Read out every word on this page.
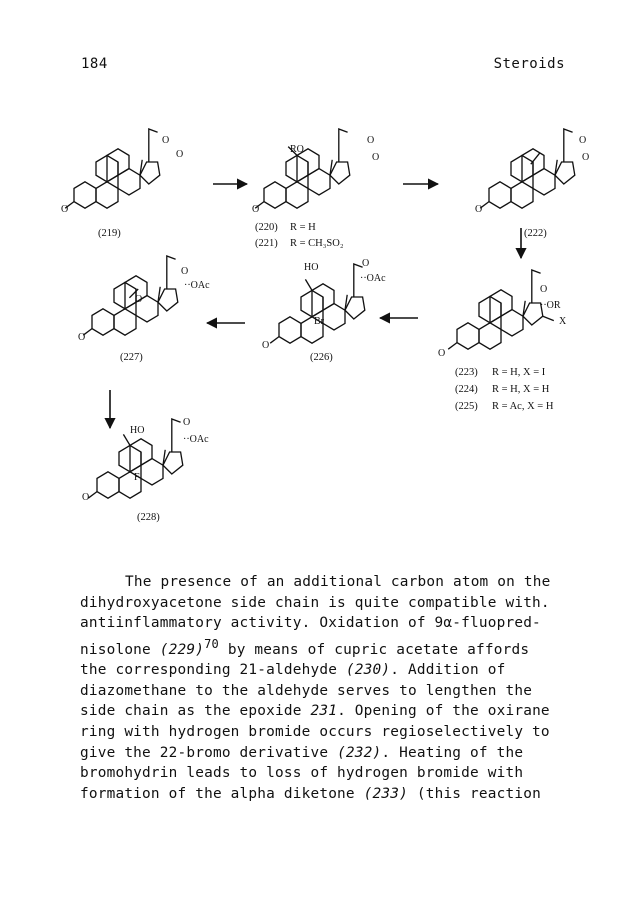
184	Steroids
O
O
O
(219)
RO
O
O
O
(220) R = H
(221) R = CH₃SO₂
O
O
O
(222)
O
O
··OR
X
(223) R = H, X = I
(224) R = H, X = H
(225) R = Ac, X = H
HO	O
··OAc
Br
O
(226)
O
O
O
··OAc
(227)
HO
O
··OAc
F
O
(228)

The presence of an additional carbon atom on the

dihydroxyacetone side chain is quite compatible with.

antiinflammatory activity. Oxidation of 9α-fluopred-

nisolone $(229)^{70}$ by means of cupric acetate affords

the corresponding 21-aldehyde (230). Addition of

diazomethane to the aldehyde serves to lengthen the

side chain as the epoxide 231. Opening of the oxirane

ring with hydrogen bromide occurs regioselectively to

give the 22-bromo derivative (232). Heating of the

bromohydrin leads to loss of hydrogen bromide with

formation of the alpha diketone (233) (this reaction
